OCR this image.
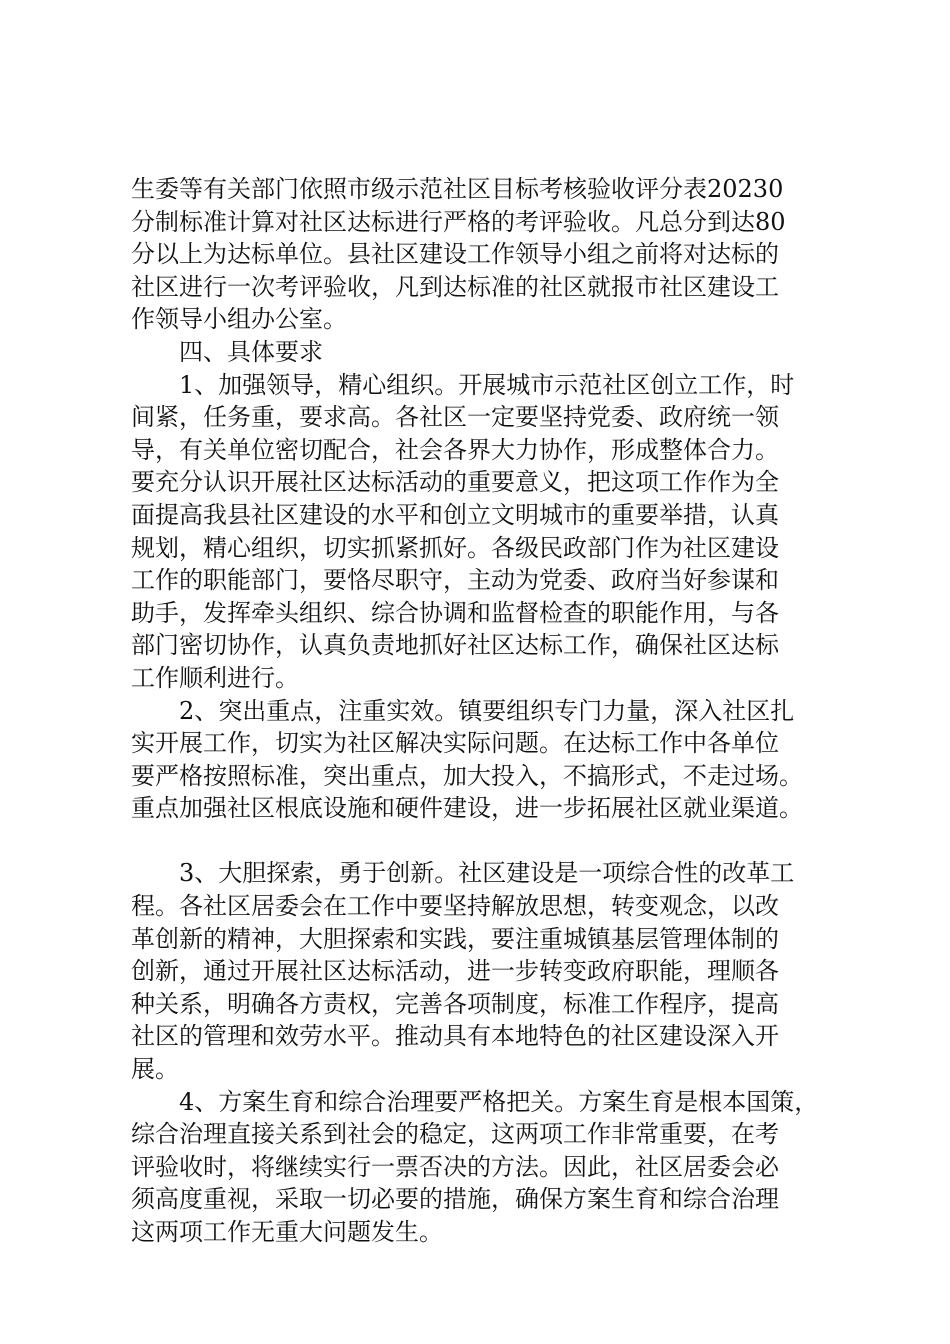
生委等有关部门依照市级示范社区目标考核验收评分表20230
分制标准计算对社区达标进行严格的考评验收。凡总分到达80
分以上为达标单位。县社区建设工作领导小组之前将对达标的
社区进行一次考评验收，凡到达标准的社区就报市社区建设工
作领导小组办公室。
四、具体要求
1、加强领导，精心组织。开展城市示范社区创立工作，时
间紧，任务重，要求高。各社区一定要坚持党委、政府统一领
导，有关单位密切配合，社会各界大力协作，形成整体合力。
要充分认识开展社区达标活动的重要意义，把这项工作作为全
面提高我县社区建设的水平和创立文明城市的重要举措，认真
规划，精心组织，切实抓紧抓好。各级民政部门作为社区建设
工作的职能部门，要恪尽职守，主动为党委、政府当好参谋和
助手，发挥牵头组织、综合协调和监督检查的职能作用，与各
部门密切协作，认真负责地抓好社区达标工作，确保社区达标
工作顺利进行。
2、突出重点，注重实效。镇要组织专门力量，深入社区扎
实开展工作，切实为社区解决实际问题。在达标工作中各单位
要严格按照标准，突出重点，加大投入，不搞形式，不走过场。
重点加强社区根底设施和硬件建设，进一步拓展社区就业渠道。
3、大胆探索，勇于创新。社区建设是一项综合性的改革工
程。各社区居委会在工作中要坚持解放思想，转变观念，以改
革创新的精神，大胆探索和实践，要注重城镇基层管理体制的
创新，通过开展社区达标活动，进一步转变政府职能，理顺各
种关系，明确各方责权，完善各项制度，标准工作程序，提高
社区的管理和效劳水平。推动具有本地特色的社区建设深入开
展。
4、方案生育和综合治理要严格把关。方案生育是根本国策，
综合治理直接关系到社会的稳定，这两项工作非常重要，在考
评验收时，将继续实行一票否决的方法。因此，社区居委会必
须高度重视，采取一切必要的措施，确保方案生育和综合治理
这两项工作无重大问题发生。
